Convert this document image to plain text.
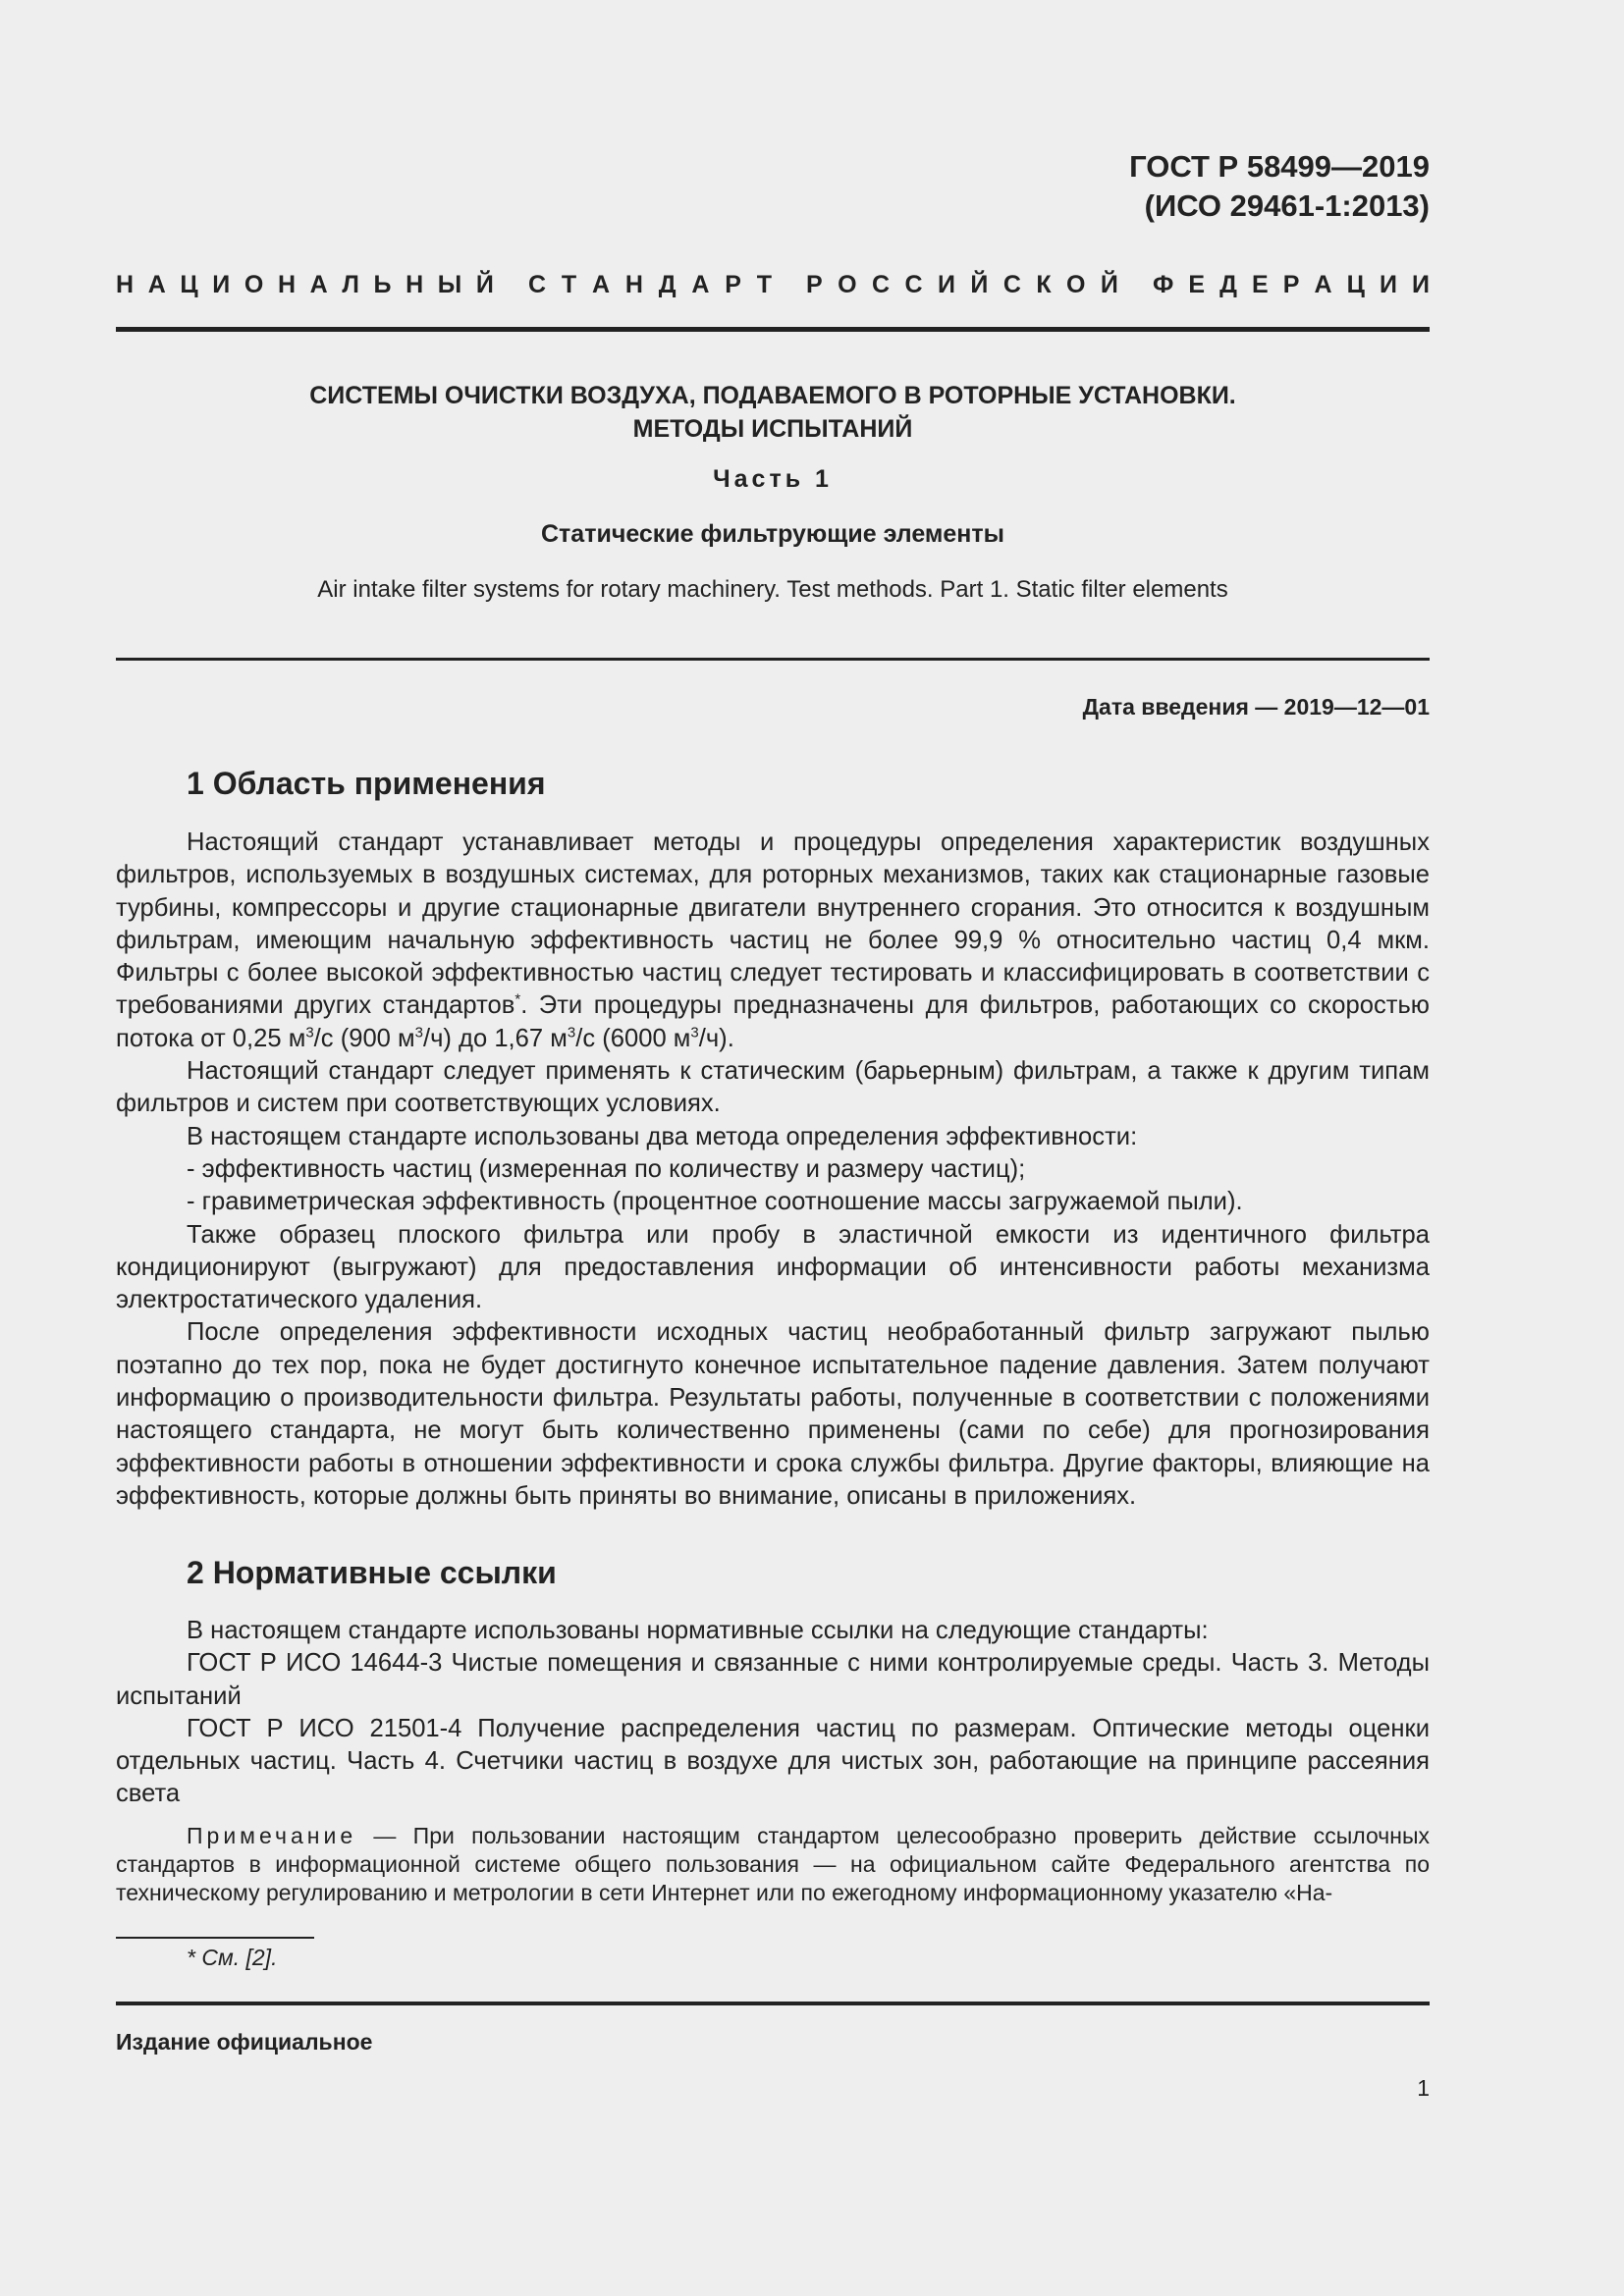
ГОСТ Р 58499—2019
(ИСО 29461-1:2013)
Н А Ц И О Н А Л Ь Н Ы Й С Т А Н Д А Р Т Р О С С И Й С К О Й Ф Е Д Е Р А Ц И И
СИСТЕМЫ ОЧИСТКИ ВОЗДУХА, ПОДАВАЕМОГО В РОТОРНЫЕ УСТАНОВКИ.
МЕТОДЫ ИСПЫТАНИЙ
Часть 1
Статические фильтрующие элементы
Air intake filter systems for rotary machinery. Test methods. Part 1. Static filter elements
Дата введения — 2019—12—01
1 Область применения

Настоящий стандарт устанавливает методы и процедуры определения характеристик воздушных фильтров, используемых в воздушных системах, для роторных механизмов, таких как стационарные газовые турбины, компрессоры и другие стационарные двигатели внутреннего сгорания. Это относится к воздушным фильтрам, имеющим начальную эффективность частиц не более 99,9 % относительно частиц 0,4 мкм. Фильтры с более высокой эффективностью частиц следует тестировать и классифицировать в соответствии с требованиями других стандартов*. Эти процедуры предназначены для фильтров, работающих со скоростью потока от 0,25 $м^3/с$ (900 $м^3/ч$) до 1,67 $м^3/с$ (6000 $м^3/ч$).

Настоящий стандарт следует применять к статическим (барьерным) фильтрам, а также к другим типам фильтров и систем при соответствующих условиях.

В настоящем стандарте использованы два метода определения эффективности:

- эффективность частиц (измеренная по количеству и размеру частиц);

- гравиметрическая эффективность (процентное соотношение массы загружаемой пыли).

Также образец плоского фильтра или пробу в эластичной емкости из идентичного фильтра кондиционируют (выгружают) для предоставления информации об интенсивности работы механизма электростатического удаления.

После определения эффективности исходных частиц необработанный фильтр загружают пылью поэтапно до тех пор, пока не будет достигнуто конечное испытательное падение давления. Затем получают информацию о производительности фильтра. Результаты работы, полученные в соответствии с положениями настоящего стандарта, не могут быть количественно применены (сами по себе) для прогнозирования эффективности работы в отношении эффективности и срока службы фильтра. Другие факторы, влияющие на эффективность, которые должны быть приняты во внимание, описаны в приложениях.

2 Нормативные ссылки

В настоящем стандарте использованы нормативные ссылки на следующие стандарты:

ГОСТ Р ИСО 14644-3 Чистые помещения и связанные с ними контролируемые среды. Часть 3. Методы испытаний

ГОСТ Р ИСО 21501-4 Получение распределения частиц по размерам. Оптические методы оценки отдельных частиц. Часть 4. Счетчики частиц в воздухе для чистых зон, работающие на принципе рассеяния света

Примечание — При пользовании настоящим стандартом целесообразно проверить действие ссылочных стандартов в информационной системе общего пользования — на официальном сайте Федерального агентства по техническому регулированию и метрологии в сети Интернет или по ежегодному информационному указателю «На-

* См. [2].
Издание официальное
1
